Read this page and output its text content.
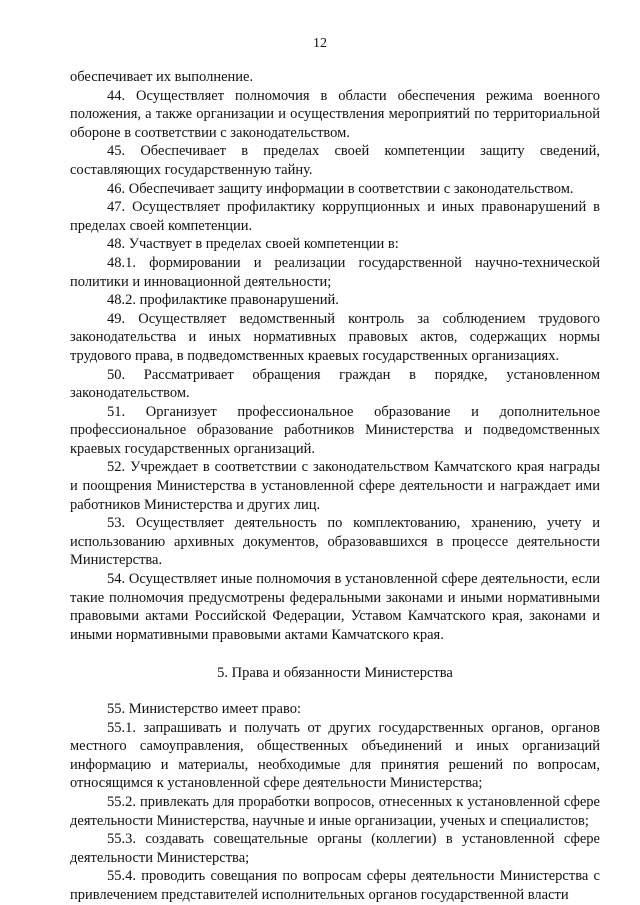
12

обеспечивает их выполнение.

44. Осуществляет полномочия в области обеспечения режима военного положения, а также организации и осуществления мероприятий по территориальной обороне в соответствии с законодательством.

45. Обеспечивает в пределах своей компетенции защиту сведений, составляющих государственную тайну.

46. Обеспечивает защиту информации в соответствии с законодательством.

47. Осуществляет профилактику коррупционных и иных правонарушений в пределах своей компетенции.

48. Участвует в пределах своей компетенции в:

48.1. формировании и реализации государственной научно-технической политики и инновационной деятельности;

48.2. профилактике правонарушений.

49. Осуществляет ведомственный контроль за соблюдением трудового законодательства и иных нормативных правовых актов, содержащих нормы трудового права, в подведомственных краевых государственных организациях.

50. Рассматривает обращения граждан в порядке, установленном законодательством.

51. Организует профессиональное образование и дополнительное профессиональное образование работников Министерства и подведомственных краевых государственных организаций.

52. Учреждает в соответствии с законодательством Камчатского края награды и поощрения Министерства в установленной сфере деятельности и награждает ими работников Министерства и других лиц.

53. Осуществляет деятельность по комплектованию, хранению, учету и использованию архивных документов, образовавшихся в процессе деятельности Министерства.

54. Осуществляет иные полномочия в установленной сфере деятельности, если такие полномочия предусмотрены федеральными законами и иными нормативными правовыми актами Российской Федерации, Уставом Камчатского края, законами и иными нормативными правовыми актами Камчатского края.

5. Права и обязанности Министерства

55. Министерство имеет право:

55.1. запрашивать и получать от других государственных органов, органов местного самоуправления, общественных объединений и иных организаций информацию и материалы, необходимые для принятия решений по вопросам, относящимся к установленной сфере деятельности Министерства;

55.2. привлекать для проработки вопросов, отнесенных к установленной сфере деятельности Министерства, научные и иные организации, ученых и специалистов;

55.3. создавать совещательные органы (коллегии) в установленной сфере деятельности Министерства;

55.4. проводить совещания по вопросам сферы деятельности Министерства с привлечением представителей исполнительных органов государственной власти
